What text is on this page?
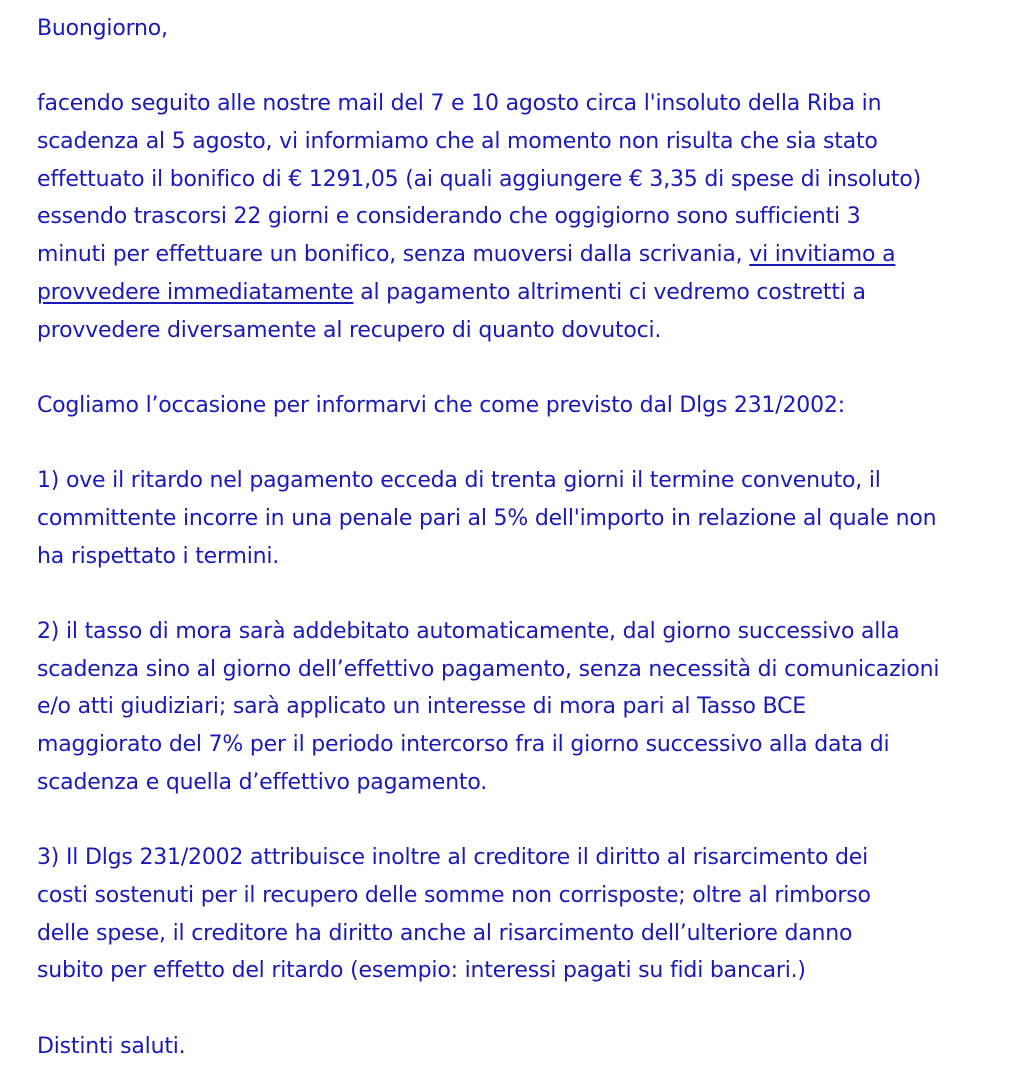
Buongiorno,
facendo seguito alle nostre mail del 7 e 10 agosto circa l'insoluto della Riba in
scadenza al 5 agosto, vi informiamo che al momento non risulta che sia stato
effettuato il bonifico di € 1291,05 (ai quali aggiungere € 3,35 di spese di insoluto)
essendo trascorsi 22 giorni e considerando che oggigiorno sono sufficienti 3
minuti per effettuare un bonifico, senza muoversi dalla scrivania, vi invitiamo a
provvedere immediatamente al pagamento altrimenti ci vedremo costretti a
provvedere diversamente al recupero di quanto dovutoci.
Cogliamo l’occasione per informarvi che come previsto dal Dlgs 231/2002:
1) ove il ritardo nel pagamento ecceda di trenta giorni il termine convenuto, il
committente incorre in una penale pari al 5% dell'importo in relazione al quale non
ha rispettato i termini.
2) il tasso di mora sarà addebitato automaticamente, dal giorno successivo alla
scadenza sino al giorno dell’effettivo pagamento, senza necessità di comunicazioni
e/o atti giudiziari; sarà applicato un interesse di mora pari al Tasso BCE
maggiorato del 7% per il periodo intercorso fra il giorno successivo alla data di
scadenza e quella d’effettivo pagamento.
3) Il Dlgs 231/2002 attribuisce inoltre al creditore il diritto al risarcimento dei
costi sostenuti per il recupero delle somme non corrisposte; oltre al rimborso
delle spese, il creditore ha diritto anche al risarcimento dell’ulteriore danno
subito per effetto del ritardo (esempio: interessi pagati su fidi bancari.)
Distinti saluti.
